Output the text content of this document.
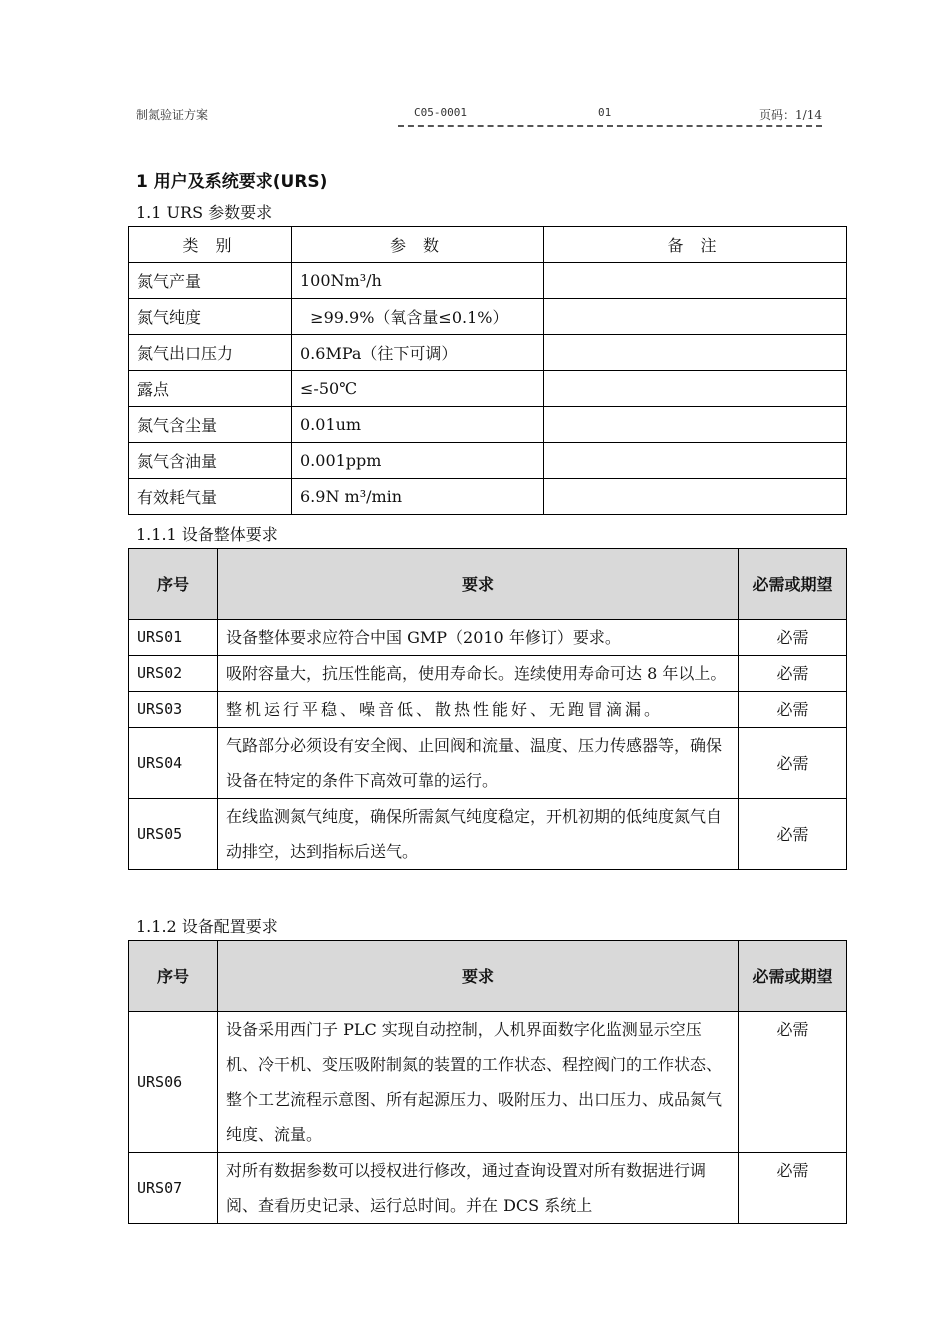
制氮验证方案	C05-0001	01	页码：1/14
1 用户及系统要求(URS)
1.1 URS 参数要求
类 别	参 数	备 注
氮气产量	100Nm³/h	
氮气纯度	≥99.9%（氧含量≤0.1%）	
氮气出口压力	0.6MPa（往下可调）	
露点	≤-50℃	
氮气含尘量	0.01um	
氮气含油量	0.001ppm	
有效耗气量	6.9N m³/min	
1.1.1 设备整体要求
序号	要求	必需或期望
URS01	设备整体要求应符合中国 GMP（2010 年修订）要求。	必需
URS02	吸附容量大，抗压性能高，使用寿命长。连续使用寿命可达 8 年以上。	必需
URS03	整机运行平稳、噪音低、散热性能好、无跑冒滴漏。	必需
URS04	气路部分必须设有安全阀、止回阀和流量、温度、压力传感器等，确保设备在特定的条件下高效可靠的运行。	必需
URS05	在线监测氮气纯度，确保所需氮气纯度稳定，开机初期的低纯度氮气自动排空，达到指标后送气。	必需
1.1.2 设备配置要求
序号	要求	必需或期望
URS06	设备采用西门子 PLC 实现自动控制，人机界面数字化监测显示空压机、冷干机、变压吸附制氮的装置的工作状态、程控阀门的工作状态、整个工艺流程示意图、所有起源压力、吸附压力、出口压力、成品氮气纯度、流量。	必需
URS07	对所有数据参数可以授权进行修改，通过查询设置对所有数据进行调阅、查看历史记录、运行总时间。并在 DCS 系统上	必需
